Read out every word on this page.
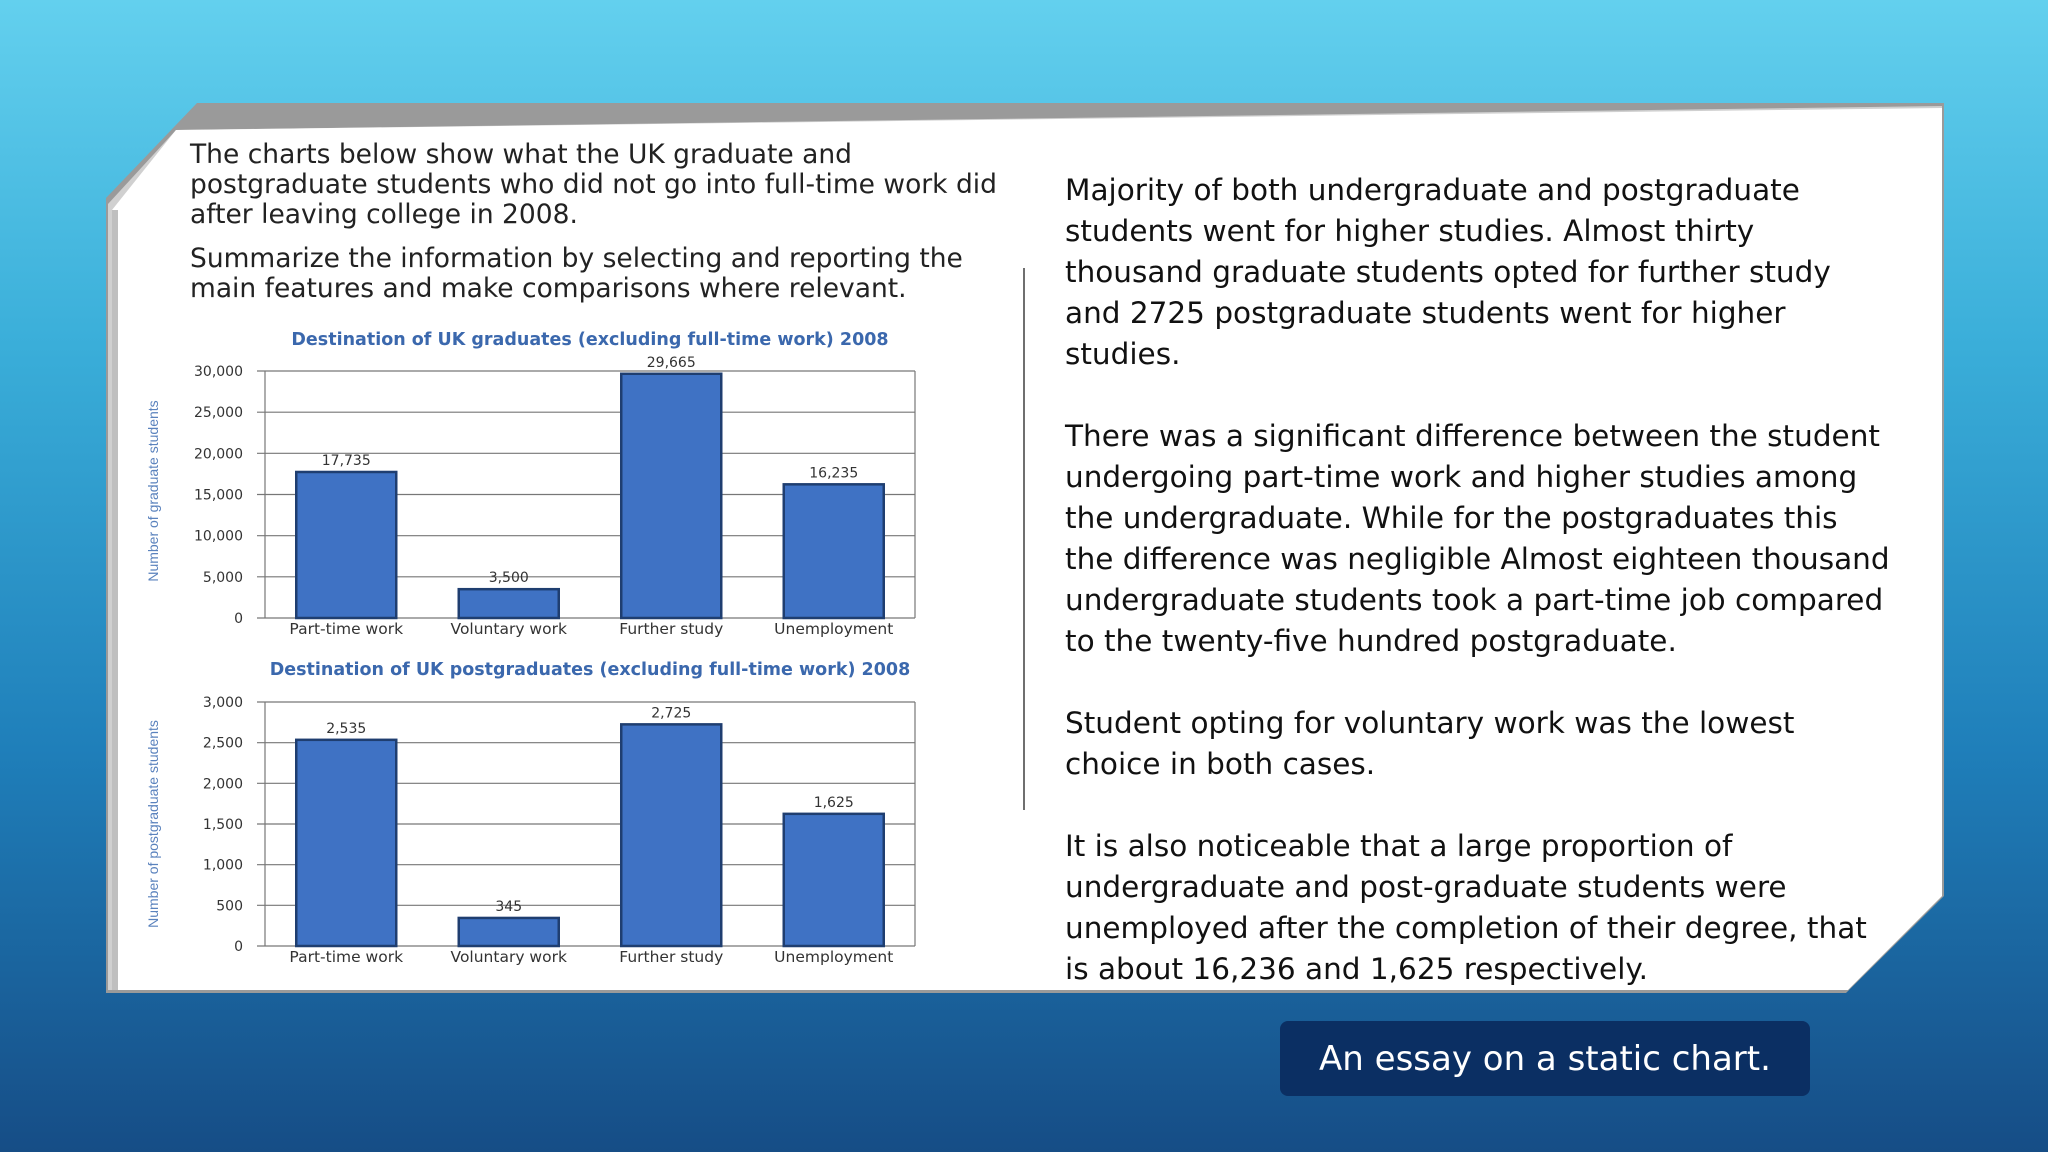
The charts below show what the UK graduate and postgraduate students who did not go into full-time work did after leaving college in 2008.

Summarize the information by selecting and reporting the main features and make comparisons where relevant.

Destination of UK graduates (excluding full-time work) 2008
Number of graduate students
0
5,000
10,000
15,000
20,000
25,000
30,000
17,735
Part-time work
3,500
Voluntary work
29,665
Further study
16,235
Unemployment
Destination of UK postgraduates (excluding full-time work) 2008
Number of postgraduate students
0
500
1,000
1,500
2,000
2,500
3,000
2,535
Part-time work
345
Voluntary work
2,725
Further study
1,625
Unemployment

Majority of both undergraduate and postgraduate students went for higher studies. Almost thirty thousand graduate students opted for further study and 2725 postgraduate students went for higher studies.

There was a significant difference between the student undergoing part-time work and higher studies among the undergraduate. While for the postgraduates this the difference was negligible Almost eighteen thousand undergraduate students took a part-time job compared to the twenty-five hundred postgraduate.

Student opting for voluntary work was the lowest choice in both cases.

It is also noticeable that a large proportion of undergraduate and post-graduate students were unemployed after the completion of their degree, that is about 16,236 and 1,625 respectively.

An essay on a static chart.
